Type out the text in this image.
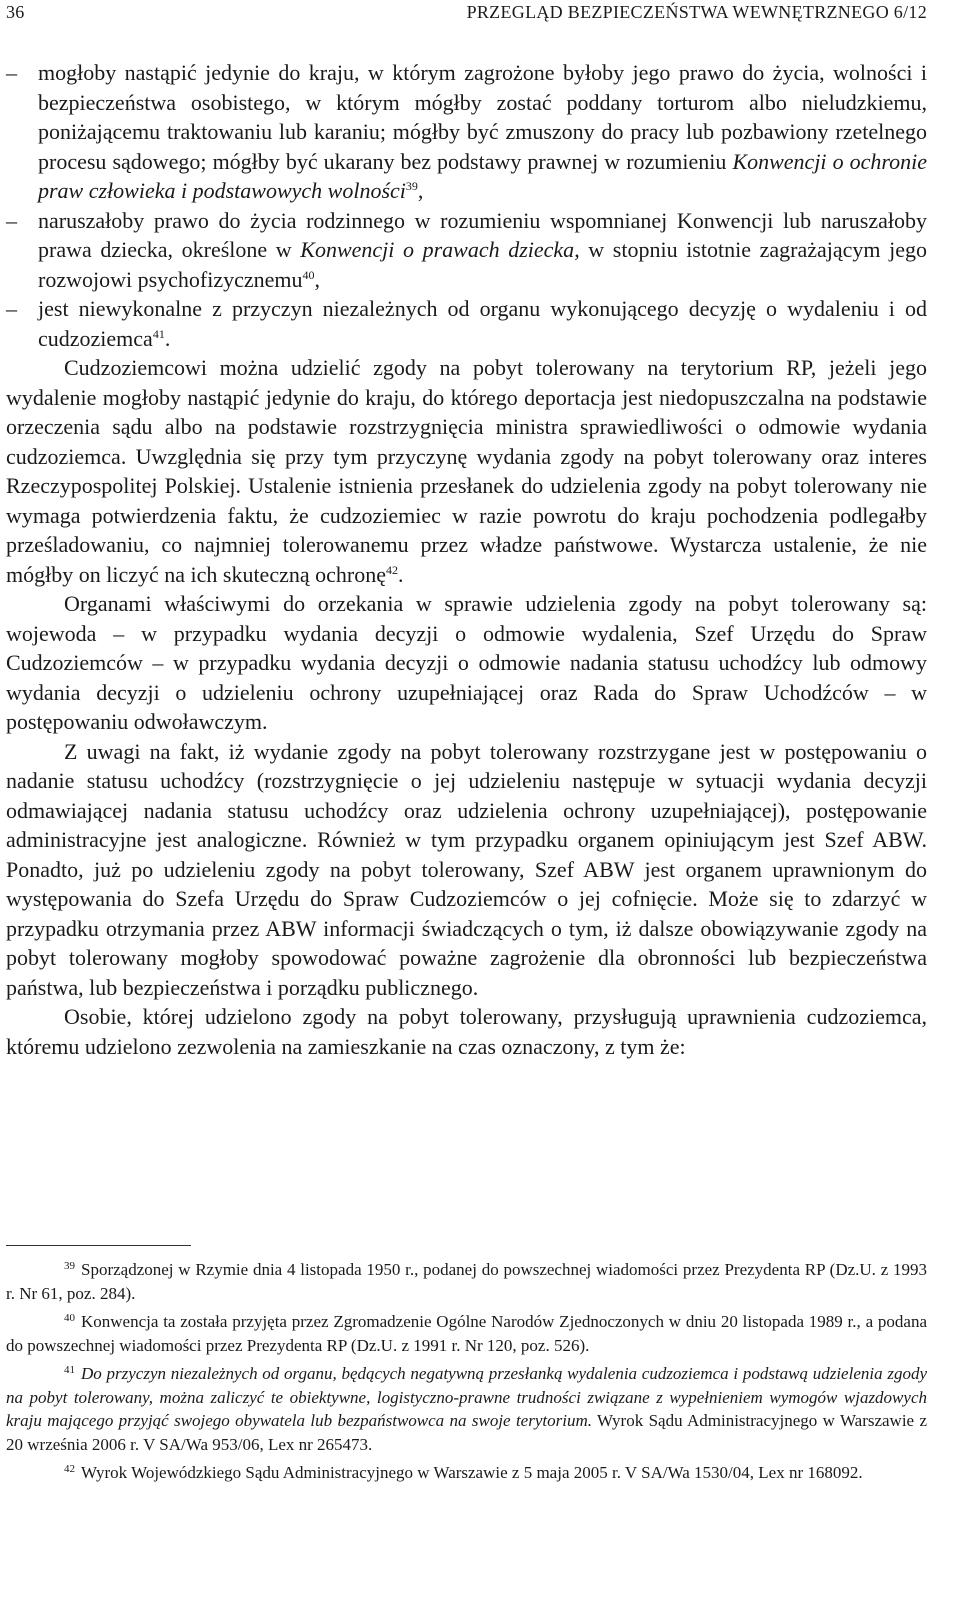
36	PRZEGLĄD BEZPIECZEŃSTWA WEWNĘTRZNEGO 6/12
– mogłoby nastąpić jedynie do kraju, w którym zagrożone byłoby jego prawo do życia, wolności i bezpieczeństwa osobistego, w którym mógłby zostać poddany torturom albo nieludzkiemu, poniżającemu traktowaniu lub karaniu; mógłby być zmuszony do pracy lub pozbawiony rzetelnego procesu sądowego; mógłby być ukarany bez podstawy prawnej w rozumieniu Konwencji o ochronie praw człowieka i podstawowych wolności$^{39}$,
– naruszałoby prawo do życia rodzinnego w rozumieniu wspomnianej Konwencji lub naruszałoby prawa dziecka, określone w Konwencji o prawach dziecka, w stopniu istotnie zagrażającym jego rozwojowi psychofizycznemu$^{40}$,
– jest niewykonalne z przyczyn niezależnych od organu wykonującego decyzję o wydaleniu i od cudzoziemca$^{41}$.

Cudzoziemcowi można udzielić zgody na pobyt tolerowany na terytorium RP, jeżeli jego wydalenie mogłoby nastąpić jedynie do kraju, do którego deportacja jest niedopuszczalna na podstawie orzeczenia sądu albo na podstawie rozstrzygnięcia ministra sprawiedliwości o odmowie wydania cudzoziemca. Uwzględnia się przy tym przyczynę wydania zgody na pobyt tolerowany oraz interes Rzeczypospolitej Polskiej. Ustalenie istnienia przesłanek do udzielenia zgody na pobyt tolerowany nie wymaga potwierdzenia faktu, że cudzoziemiec w razie powrotu do kraju pochodzenia podlegałby prześladowaniu, co najmniej tolerowanemu przez władze państwowe. Wystarcza ustalenie, że nie mógłby on liczyć na ich skuteczną ochronę$^{42}$.

Organami właściwymi do orzekania w sprawie udzielenia zgody na pobyt tolerowany są: wojewoda – w przypadku wydania decyzji o odmowie wydalenia, Szef Urzędu do Spraw Cudzoziemców – w przypadku wydania decyzji o odmowie nadania statusu uchodźcy lub odmowy wydania decyzji o udzieleniu ochrony uzupełniającej oraz Rada do Spraw Uchodźców – w postępowaniu odwoławczym.

Z uwagi na fakt, iż wydanie zgody na pobyt tolerowany rozstrzygane jest w postępowaniu o nadanie statusu uchodźcy (rozstrzygnięcie o jej udzieleniu następuje w sytuacji wydania decyzji odmawiającej nadania statusu uchodźcy oraz udzielenia ochrony uzupełniającej), postępowanie administracyjne jest analogiczne. Również w tym przypadku organem opiniującym jest Szef ABW. Ponadto, już po udzieleniu zgody na pobyt tolerowany, Szef ABW jest organem uprawnionym do występowania do Szefa Urzędu do Spraw Cudzoziemców o jej cofnięcie. Może się to zdarzyć w przypadku otrzymania przez ABW informacji świadczących o tym, iż dalsze obowiązywanie zgody na pobyt tolerowany mogłoby spowodować poważne zagrożenie dla obronności lub bezpieczeństwa państwa, lub bezpieczeństwa i porządku publicznego.

Osobie, której udzielono zgody na pobyt tolerowany, przysługują uprawnienia cudzoziemca, któremu udzielono zezwolenia na zamieszkanie na czas oznaczony, z tym że:

$^{39}$ Sporządzonej w Rzymie dnia 4 listopada 1950 r., podanej do powszechnej wiadomości przez Prezydenta RP (Dz.U. z 1993 r. Nr 61, poz. 284).

$^{40}$ Konwencja ta została przyjęta przez Zgromadzenie Ogólne Narodów Zjednoczonych w dniu 20 listopada 1989 r., a podana do powszechnej wiadomości przez Prezydenta RP (Dz.U. z 1991 r. Nr 120, poz. 526).

$^{41}$ Do przyczyn niezależnych od organu, będących negatywną przesłanką wydalenia cudzoziemca i podstawą udzielenia zgody na pobyt tolerowany, można zaliczyć te obiektywne, logistyczno-prawne trudności związane z wypełnieniem wymogów wjazdowych kraju mającego przyjąć swojego obywatela lub bezpaństwowca na swoje terytorium. Wyrok Sądu Administracyjnego w Warszawie z 20 września 2006 r. V SA/Wa 953/06, Lex nr 265473.

$^{42}$ Wyrok Wojewódzkiego Sądu Administracyjnego w Warszawie z 5 maja 2005 r. V SA/Wa 1530/04, Lex nr 168092.
